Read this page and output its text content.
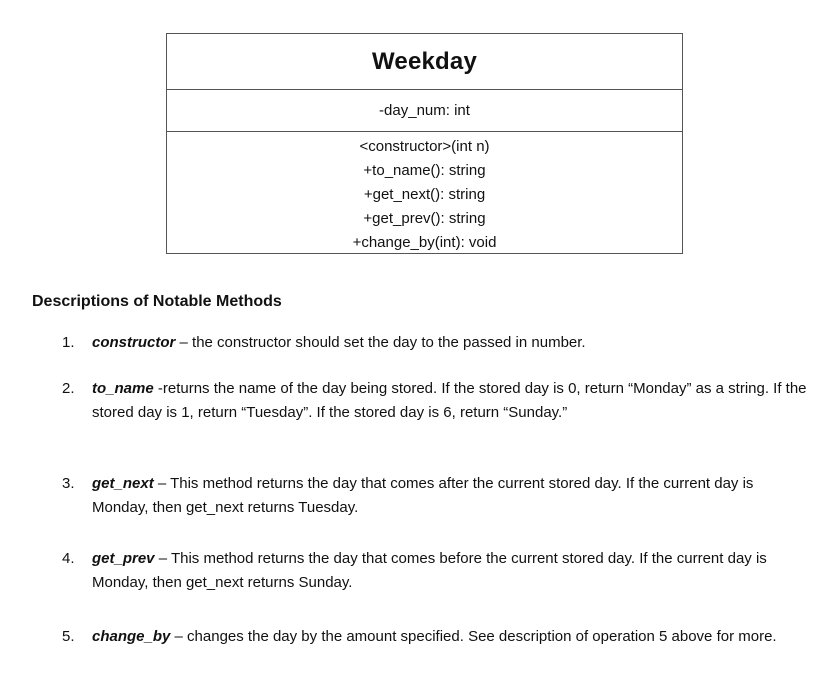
Weekday
-day_num: int
<constructor>(int n)
+to_name(): string
+get_next(): string
+get_prev(): string
+change_by(int): void
Descriptions of Notable Methods
1.	constructor – the constructor should set the day to the passed in number.
2.	to_name -returns the name of the day being stored. If the stored day is 0, return “Monday” as a string. If the stored day is 1, return “Tuesday”. If the stored day is 6, return “Sunday.”
3.	get_next – This method returns the day that comes after the current stored day. If the current day is Monday, then get_next returns Tuesday.
4.	get_prev – This method returns the day that comes before the current stored day. If the current day is Monday, then get_next returns Sunday.
5.	change_by – changes the day by the amount specified. See description of operation 5 above for more.
